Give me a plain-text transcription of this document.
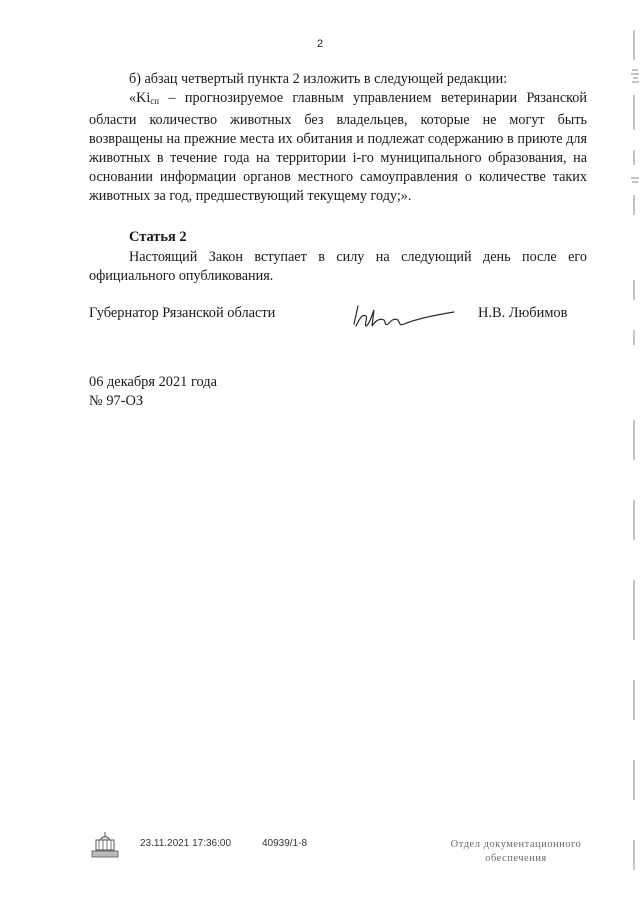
2

б) абзац четвертый пункта 2 изложить в следующей редакции:

«$Ki_{сп}$ – прогнозируемое главным управлением ветеринарии Рязанской области количество животных без владельцев, которые не могут быть возвращены на прежние места их обитания и подлежат содержанию в приюте для животных в течение года на территории i-го муниципального образования, на основании информации органов местного самоуправления о количестве таких животных за год, предшествующий текущему году;».

Статья 2

Настоящий Закон вступает в силу на следующий день после его официального опубликования.

Губернатор Рязанской области	Н.В. Любимов
06 декабря 2021 года
№ 97-ОЗ
23.11.2021 17:36:00	40939/1-8	Отдел документационного
обеспечения
